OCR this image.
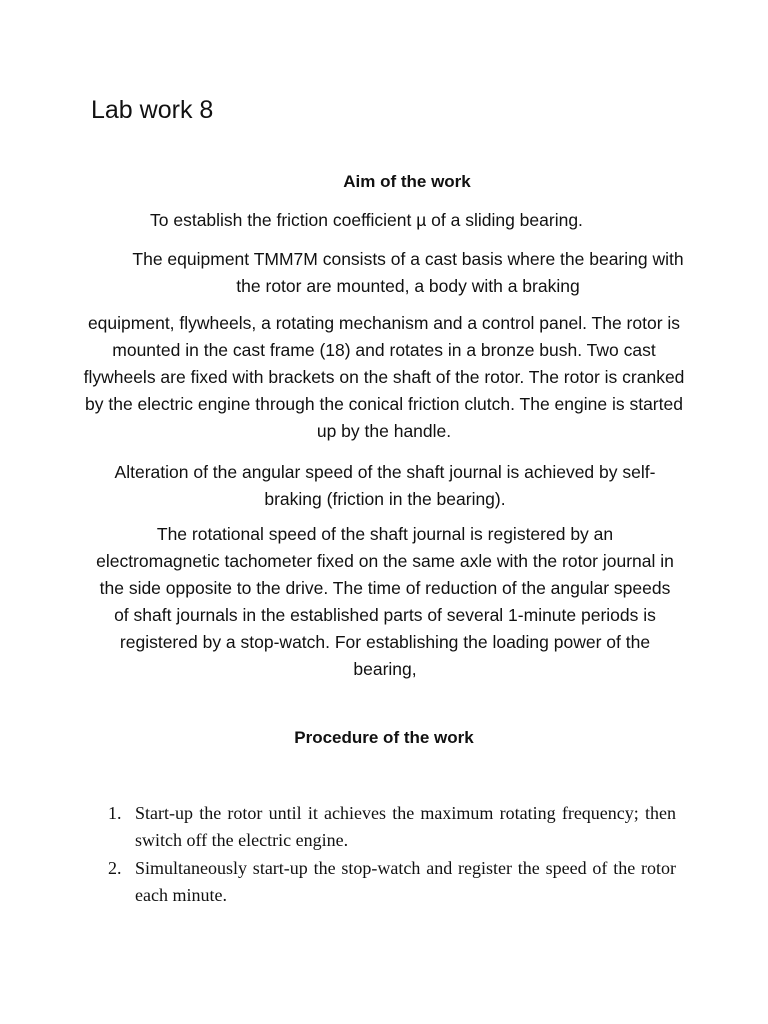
Lab work 8
Aim of the work

To establish the friction coefficient µ of a sliding bearing.

The equipment TMM7M consists of a cast basis where the bearing with the rotor are mounted, a body with a braking

equipment, flywheels, a rotating mechanism and a control panel. The rotor is mounted in the cast frame (18) and rotates in a bronze bush. Two cast flywheels are fixed with brackets on the shaft of the rotor. The rotor is cranked by the electric engine through the conical friction clutch. The engine is started up by the handle.

Alteration of the angular speed of the shaft journal is achieved by self-braking (friction in the bearing).

The rotational speed of the shaft journal is registered by an electromagnetic tachometer fixed on the same axle with the rotor journal in the side opposite to the drive. The time of reduction of the angular speeds of shaft journals in the established parts of several 1-minute periods is registered by a stop-watch. For establishing the loading power of the bearing,

Procedure of the work
1. Start-up the rotor until it achieves the maximum rotating frequency; then switch off the electric engine.
2. Simultaneously start-up the stop-watch and register the speed of the rotor each minute.
